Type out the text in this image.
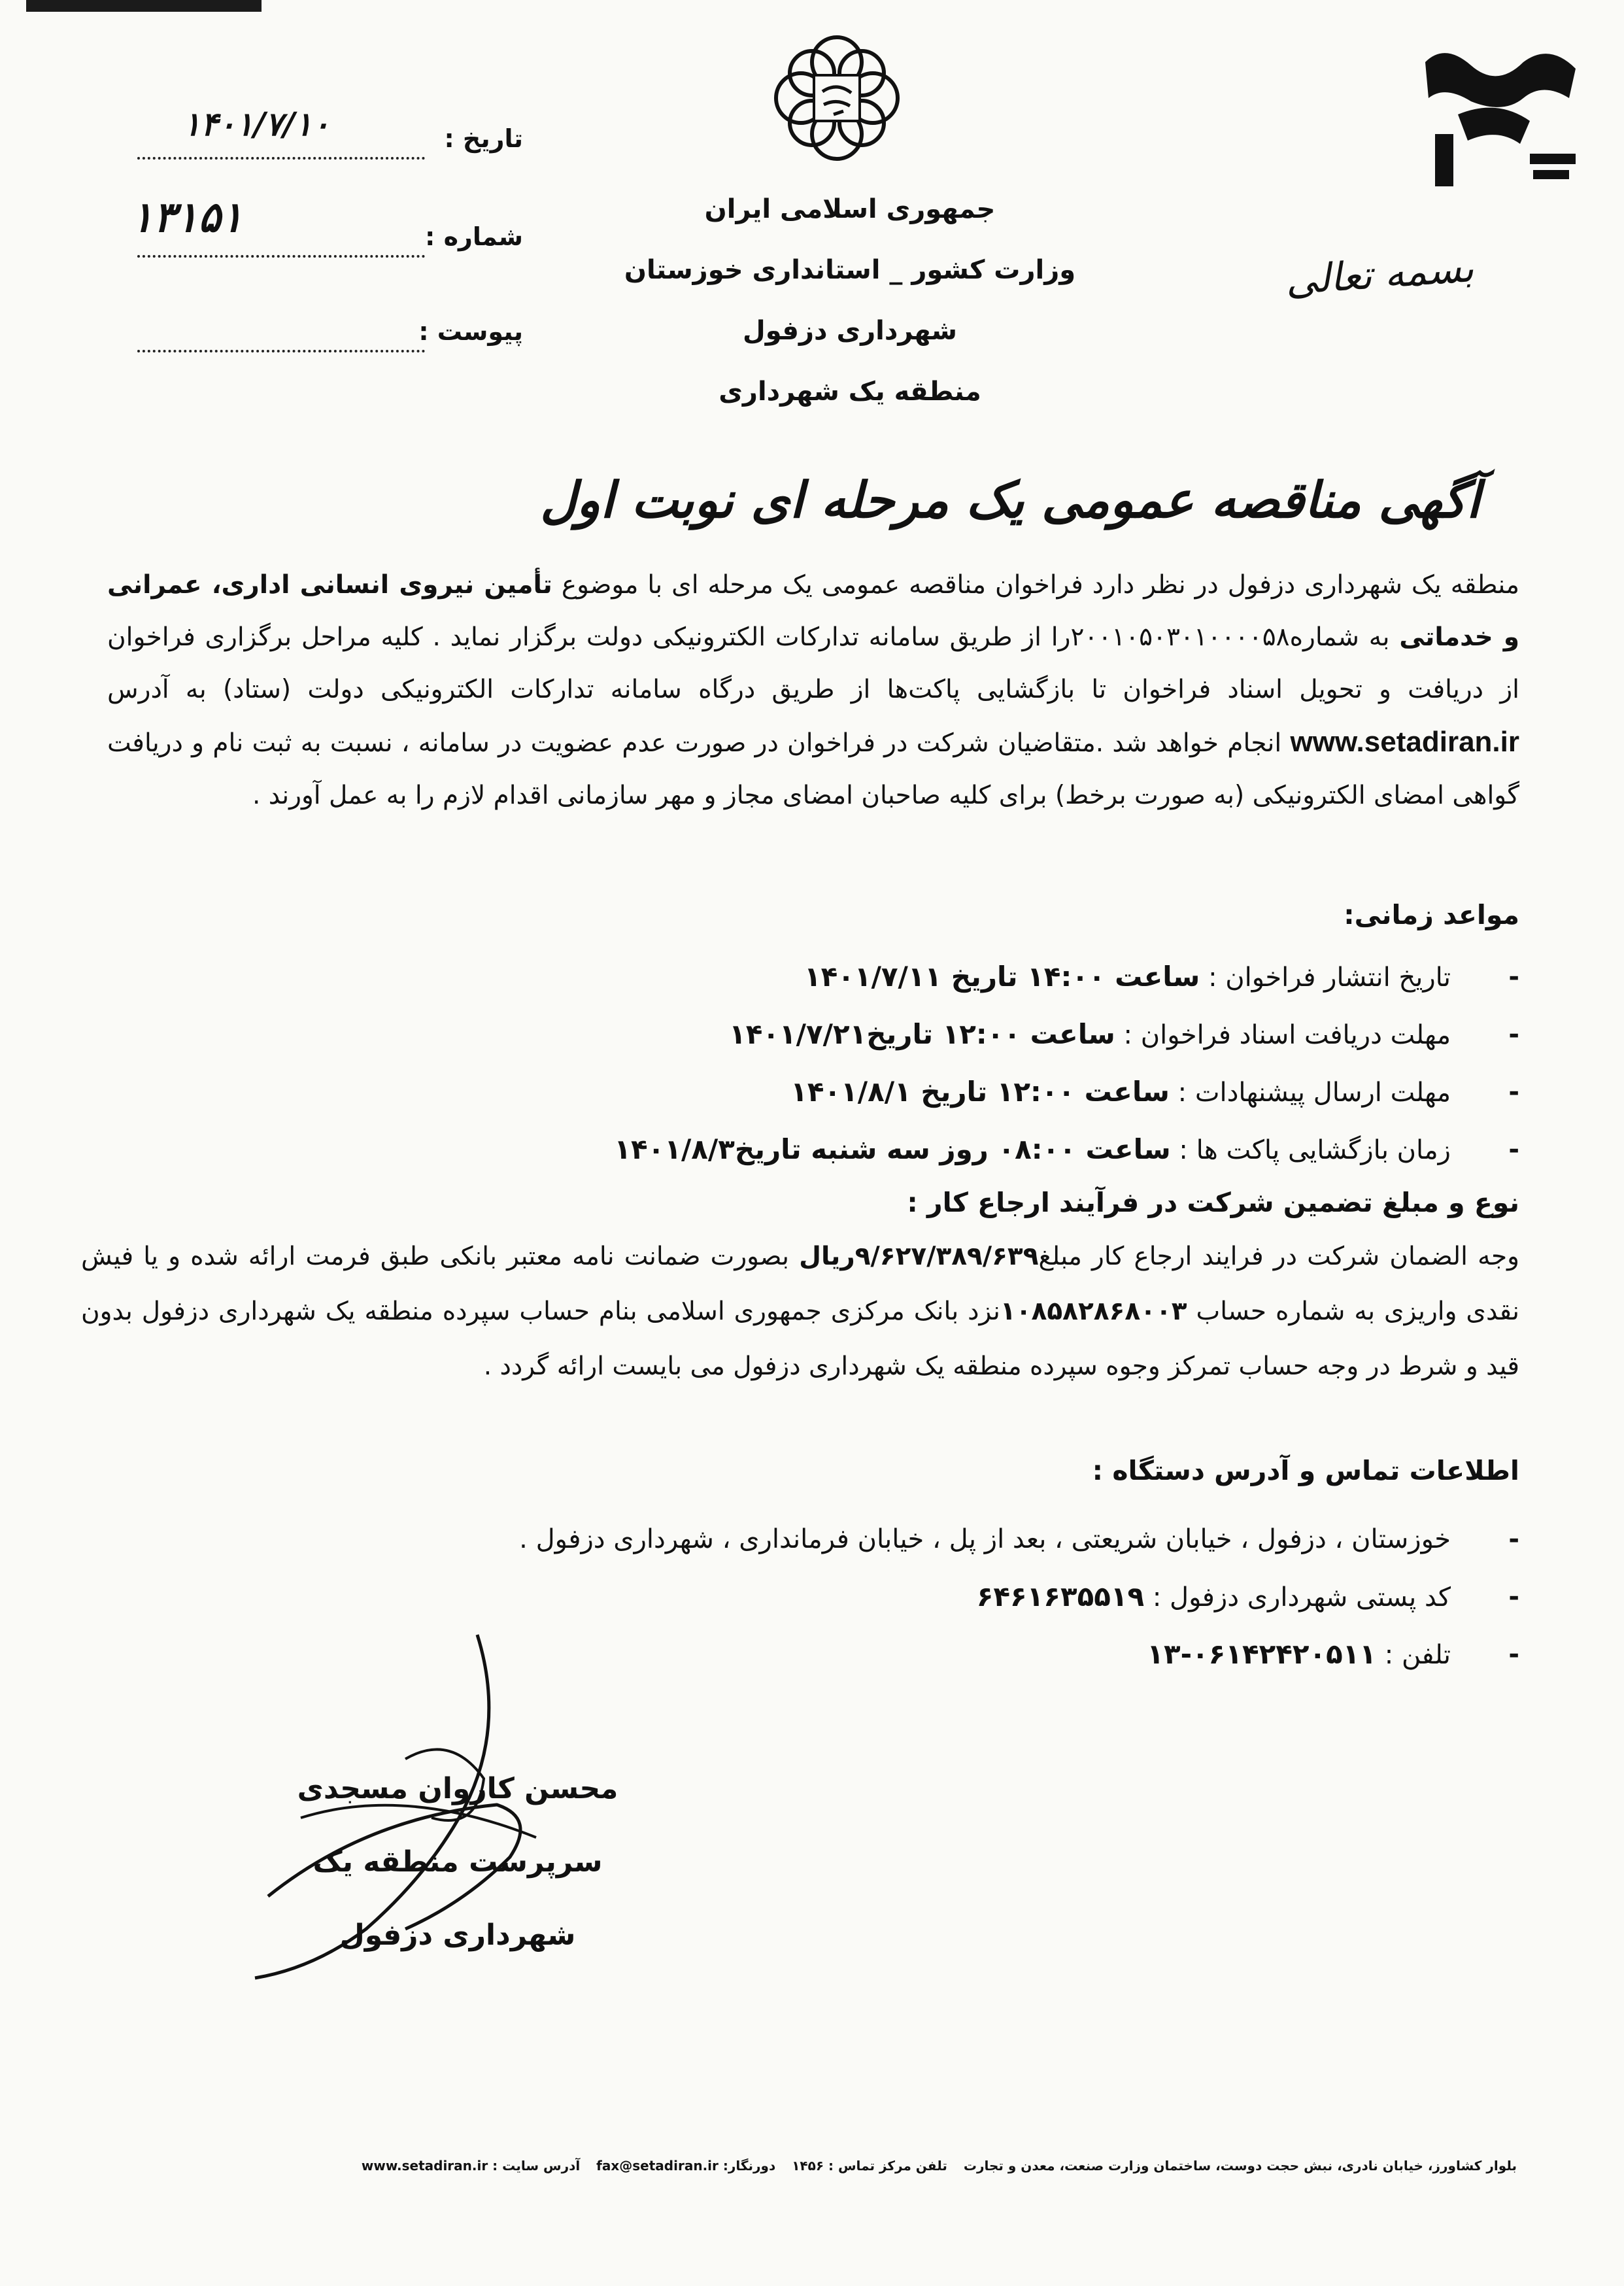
جمهوری اسلامی ایران
وزارت کشور _ استانداری خوزستان
شهرداری دزفول
منطقه یک شهرداری
تاریخ :
۱۴۰۱/۷/۱۰
شماره :
۱۳۱۵۱
پیوست :
بسمه تعالی
آگهی مناقصه عمومی یک مرحله ای نوبت اول
منطقه یک شهرداری دزفول در نظر دارد فراخوان مناقصه عمومی یک مرحله ای با موضوع تأمین نیروی انسانی اداری، عمرانی و خدماتی به شماره۲۰۰۱۰۵۰۳۰۱۰۰۰۰۵۸را از طریق سامانه تدارکات الکترونیکی دولت برگزار نماید . کلیه مراحل برگزاری فراخوان از دریافت و تحویل اسناد فراخوان تا بازگشایی پاکت‌ها از طریق درگاه سامانه تدارکات الکترونیکی دولت (ستاد) به آدرس www.setadiran.ir انجام خواهد شد .متقاضیان شرکت در فراخوان در صورت عدم عضویت در سامانه ، نسبت به ثبت نام و دریافت گواهی امضای الکترونیکی (به صورت برخط) برای کلیه صاحبان امضای مجاز و مهر سازمانی اقدام لازم را به عمل آورند .
مواعد زمانی:
- تاریخ انتشار فراخوان : ساعت ۱۴:۰۰ تاریخ ۱۴۰۱/۷/۱۱
- مهلت دریافت اسناد فراخوان : ساعت ۱۲:۰۰ تاریخ۱۴۰۱/۷/۲۱
- مهلت ارسال پیشنهادات : ساعت ۱۲:۰۰ تاریخ ۱۴۰۱/۸/۱
- زمان بازگشایی پاکت ها : ساعت ۰۸:۰۰ روز سه شنبه تاریخ۱۴۰۱/۸/۳
نوع و مبلغ تضمین شرکت در فرآیند ارجاع کار :
وجه الضمان شرکت در فرایند ارجاع کار مبلغ۹/۶۲۷/۳۸۹/۶۳۹ریال بصورت ضمانت نامه معتبر بانکی طبق فرمت ارائه شده و یا فیش نقدی واریزی به شماره حساب ۱۰۸۵۸۲۸۶۸۰۰۳نزد بانک مرکزی جمهوری اسلامی بنام حساب سپرده منطقه یک شهرداری دزفول بدون قید و شرط در وجه حساب تمرکز وجوه سپرده منطقه یک شهرداری دزفول می بایست ارائه گردد .
اطلاعات تماس و آدرس دستگاه :
- خوزستان ، دزفول ، خیابان شریعتی ، بعد از پل ، خیابان فرمانداری ، شهرداری دزفول .
- کد پستی شهرداری دزفول : ۶۴۶۱۶۳۵۵۱۹
- تلفن : ۰۶۱۴۲۴۲۰۵۱۱-۱۳
محسن کاروان مسجدی
سرپرست منطقه یک
شهرداری دزفول
بلوار کشاورز، خیابان نادری، نبش حجت دوست، ساختمان وزارت صنعت، معدن و تجارت تلفن مرکز تماس : ۱۴۵۶ دورنگار: fax@setadiran.ir آدرس سایت : www.setadiran.ir
